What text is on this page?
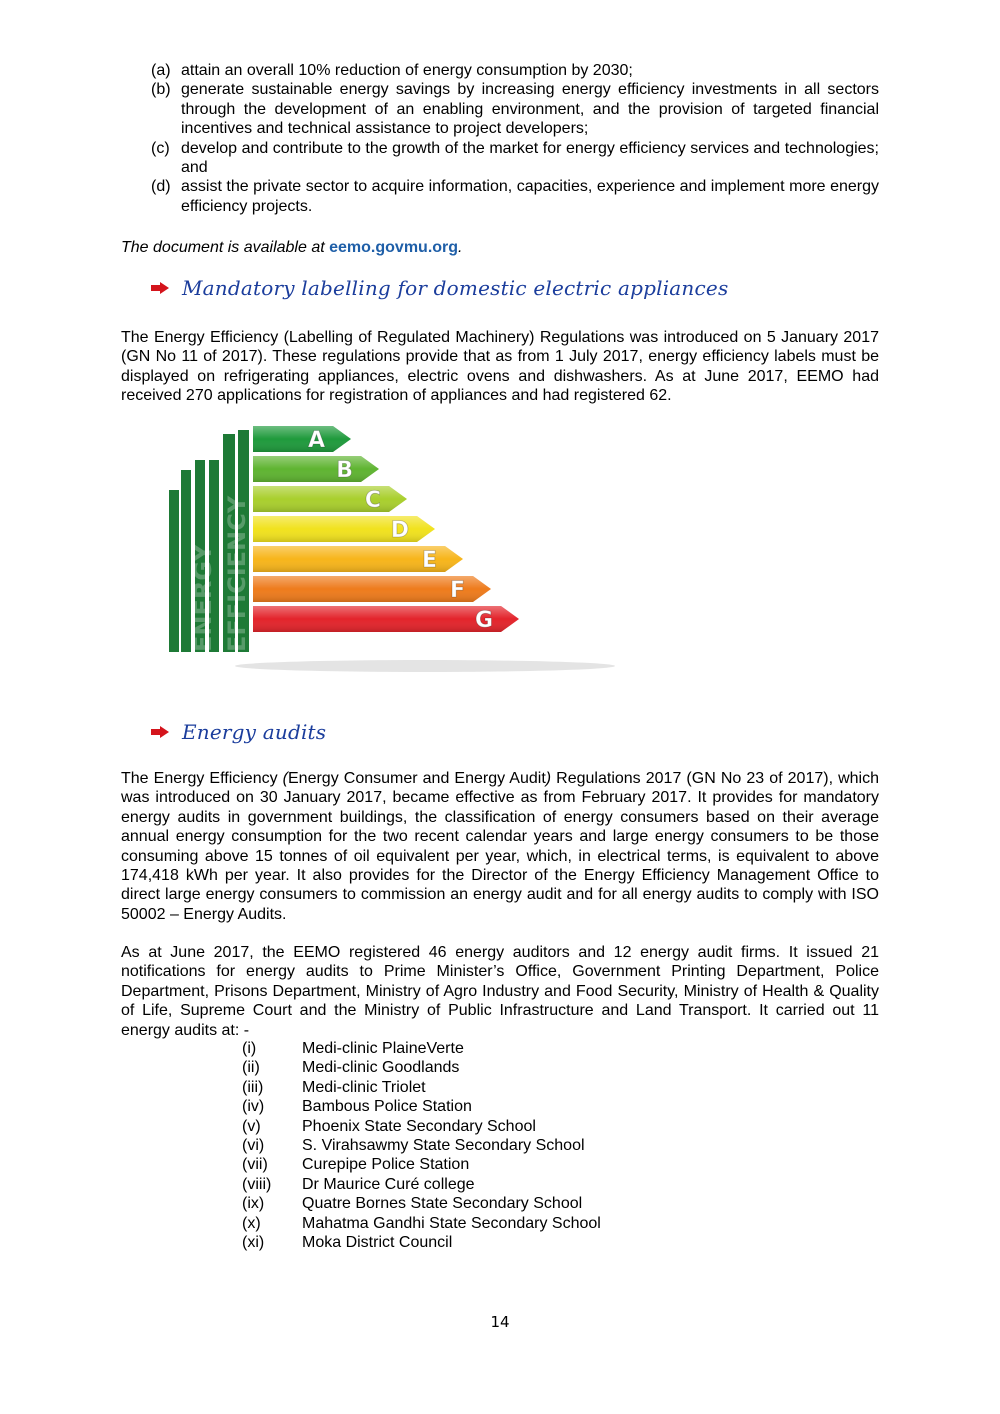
(a) attain an overall 10% reduction of energy consumption by 2030;
(b) generate sustainable energy savings by increasing energy efficiency investments in all sectors through the development of an enabling environment, and the provision of targeted financial incentives and technical assistance to project developers;
(c) develop and contribute to the growth of the market for energy efficiency services and technologies; and
(d) assist the private sector to acquire information, capacities, experience and implement more energy efficiency projects.
The document is available at eemo.govmu.org.
Mandatory labelling for domestic electric appliances

The Energy Efficiency (Labelling of Regulated Machinery) Regulations was introduced on 5 January 2017 (GN No 11 of 2017). These regulations provide that as from 1 July 2017, energy efficiency labels must be displayed on refrigerating appliances, electric ovens and dishwashers. As at June 2017, EEMO had received 270 applications for registration of appliances and had registered 62.

ENERGY EFFICIENCY
A
B
C
D
E
F
G
Energy audits

The Energy Efficiency (Energy Consumer and Energy Audit) Regulations 2017 (GN No 23 of 2017), which was introduced on 30 January 2017, became effective as from February 2017. It provides for mandatory energy audits in government buildings, the classification of energy consumers based on their average annual energy consumption for the two recent calendar years and large energy consumers to be those consuming above 15 tonnes of oil equivalent per year, which, in electrical terms, is equivalent to above 174,418 kWh per year. It also provides for the Director of the Energy Efficiency Management Office to direct large energy consumers to commission an energy audit and for all energy audits to comply with ISO 50002 – Energy Audits.

As at June 2017, the EEMO registered 46 energy auditors and 12 energy audit firms. It issued 21 notifications for energy audits to Prime Minister’s Office, Government Printing Department, Police Department, Prisons Department, Ministry of Agro Industry and Food Security, Ministry of Health & Quality of Life, Supreme Court and the Ministry of Public Infrastructure and Land Transport. It carried out 11 energy audits at: -

(i)	Medi-clinic PlaineVerte
(ii)	Medi-clinic Goodlands
(iii)	Medi-clinic Triolet
(iv)	Bambous Police Station
(v)	Phoenix State Secondary School
(vi)	S. Virahsawmy State Secondary School
(vii)	Curepipe Police Station
(viii)	Dr Maurice Curé college
(ix)	Quatre Bornes State Secondary School
(x)	Mahatma Gandhi State Secondary School
(xi)	Moka District Council
14
